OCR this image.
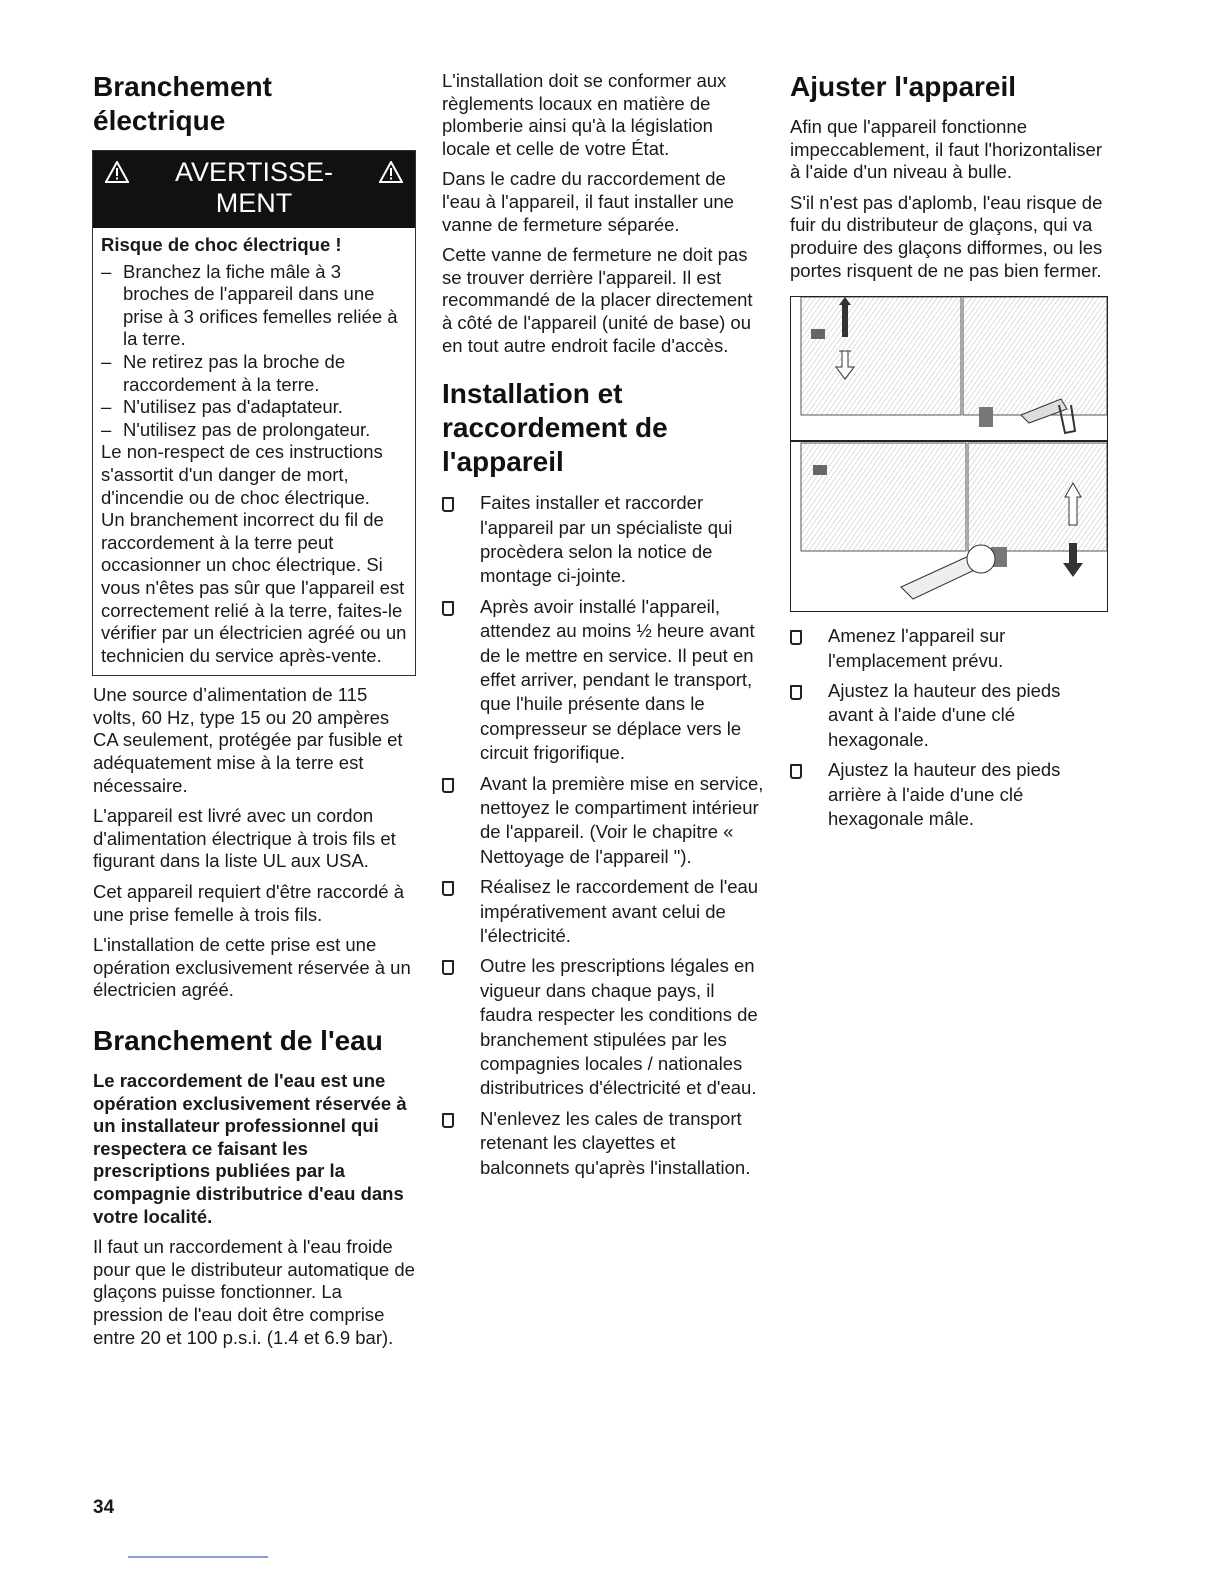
Branchement électrique
AVERTISSE- MENT

Risque de choc électrique !

– Branchez la fiche mâle à 3 broches de l'appareil dans une prise à 3 orifices femelles reliée à la terre.
– Ne retirez pas la broche de raccordement à la terre.
– N'utilisez pas d'adaptateur.
– N'utilisez pas de prolongateur.

Le non-respect de ces instructions s'assortit d'un danger de mort, d'incendie ou de choc électrique.

Un branchement incorrect du fil de raccordement à la terre peut occasionner un choc électrique. Si vous n'êtes pas sûr que l'appareil est correctement relié à la terre, faites-le vérifier par un électricien agréé ou un technicien du service après-vente.

Une source d’alimentation de 115 volts, 60 Hz, type 15 ou 20 ampères CA seulement, protégée par fusible et adéquatement mise à la terre est nécessaire.

L'appareil est livré avec un cordon d'alimentation électrique à trois fils et figurant dans la liste UL aux USA.

Cet appareil requiert d'être raccordé à une prise femelle à trois fils.

L'installation de cette prise est une opération exclusivement réservée à un électricien agréé.

Branchement de l'eau

Le raccordement de l'eau est une opération exclusivement réservée à un installateur professionnel qui respectera ce faisant les prescriptions publiées par la compagnie distributrice d'eau dans votre localité.

Il faut un raccordement à l'eau froide pour que le distributeur automatique de glaçons puisse fonctionner. La pression de l'eau doit être comprise entre 20 et 100 p.s.i. (1.4 et 6.9 bar).

L'installation doit se conformer aux règlements locaux en matière de plomberie ainsi qu'à la législation locale et celle de votre État.

Dans le cadre du raccordement de l'eau à l'appareil, il faut installer une vanne de fermeture séparée.

Cette vanne de fermeture ne doit pas se trouver derrière l'appareil. Il est recommandé de la placer directement à côté de l'appareil (unité de base) ou en tout autre endroit facile d'accès.

Installation et raccordement de l'appareil
Faites installer et raccorder l'appareil par un spécialiste qui procèdera selon la notice de montage ci-jointe.
Après avoir installé l'appareil, attendez au moins ½ heure avant de le mettre en service. Il peut en effet arriver, pendant le transport, que l'huile présente dans le compresseur se déplace vers le circuit frigorifique.
Avant la première mise en service, nettoyez le compartiment intérieur de l'appareil. (Voir le chapitre « Nettoyage de l'appareil ").
Réalisez le raccordement de l'eau impérativement avant celui de l'électricité.
Outre les prescriptions légales en vigueur dans chaque pays, il faudra respecter les conditions de branchement stipulées par les compagnies locales / nationales distributrices d'électricité et d'eau.
N'enlevez les cales de transport retenant les clayettes et balconnets qu'après l'installation.
Ajuster l'appareil

Afin que l'appareil fonctionne impeccablement, il faut l'horizontaliser à l'aide d'un niveau à bulle.

S'il n'est pas d'aplomb, l'eau risque de fuir du distributeur de glaçons, qui va produire des glaçons difformes, ou les portes risquent de ne pas bien fermer.

Amenez l'appareil sur l'emplacement prévu.
Ajustez la hauteur des pieds avant à l'aide d'une clé hexagonale.
Ajustez la hauteur des pieds arrière à l'aide d'une clé hexagonale mâle.
34
